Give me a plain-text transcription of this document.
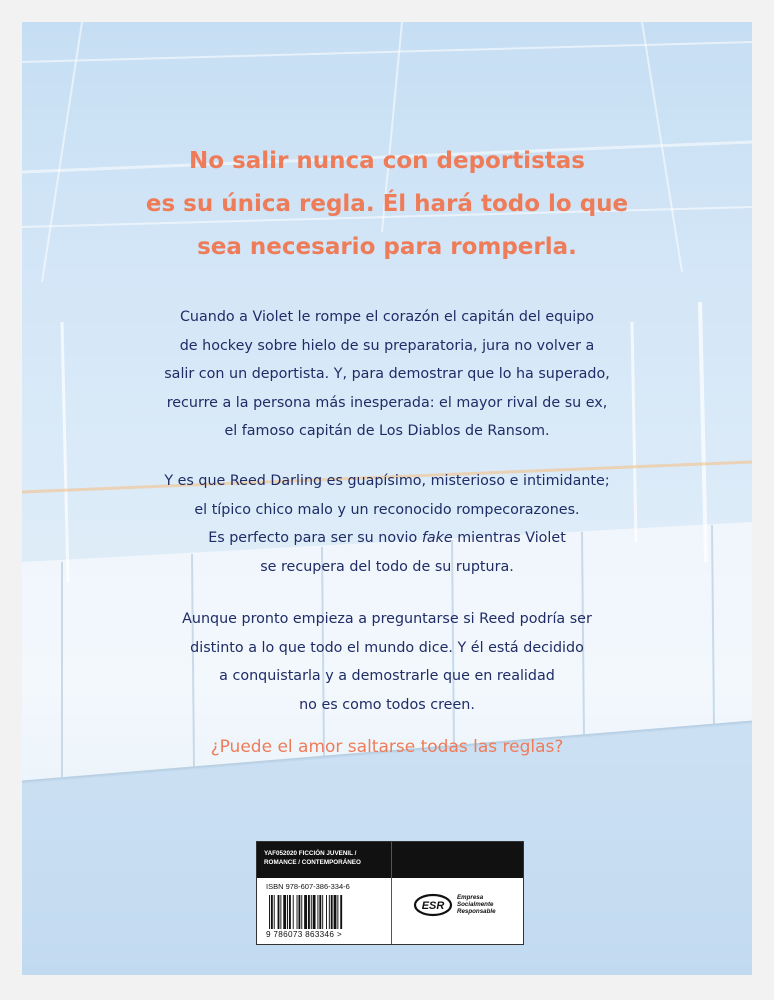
No salir nunca con deportistas
es su única regla. Él hará todo lo que
sea necesario para romperla.

Cuando a Violet le rompe el corazón el capitán del equipo
de hockey sobre hielo de su preparatoria, jura no volver a
salir con un deportista. Y, para demostrar que lo ha superado,
recurre a la persona más inesperada: el mayor rival de su ex,
el famoso capitán de Los Diablos de Ransom.

Y es que Reed Darling es guapísimo, misterioso e intimidante;
el típico chico malo y un reconocido rompecorazones.
Es perfecto para ser su novio fake mientras Violet
se recupera del todo de su ruptura.

Aunque pronto empieza a preguntarse si Reed podría ser
distinto a lo que todo el mundo dice. Y él está decidido
a conquistarla y a demostrarle que en realidad
no es como todos creen.

¿Puede el amor saltarse todas las reglas?

YAF052020 FICCIÓN JUVENIL /
ROMANCE / CONTEMPORÁNEO
ISBN 978-607-386-334-6
9 786073 863346 >
ESR
Empresa
Socialmente
Responsable
